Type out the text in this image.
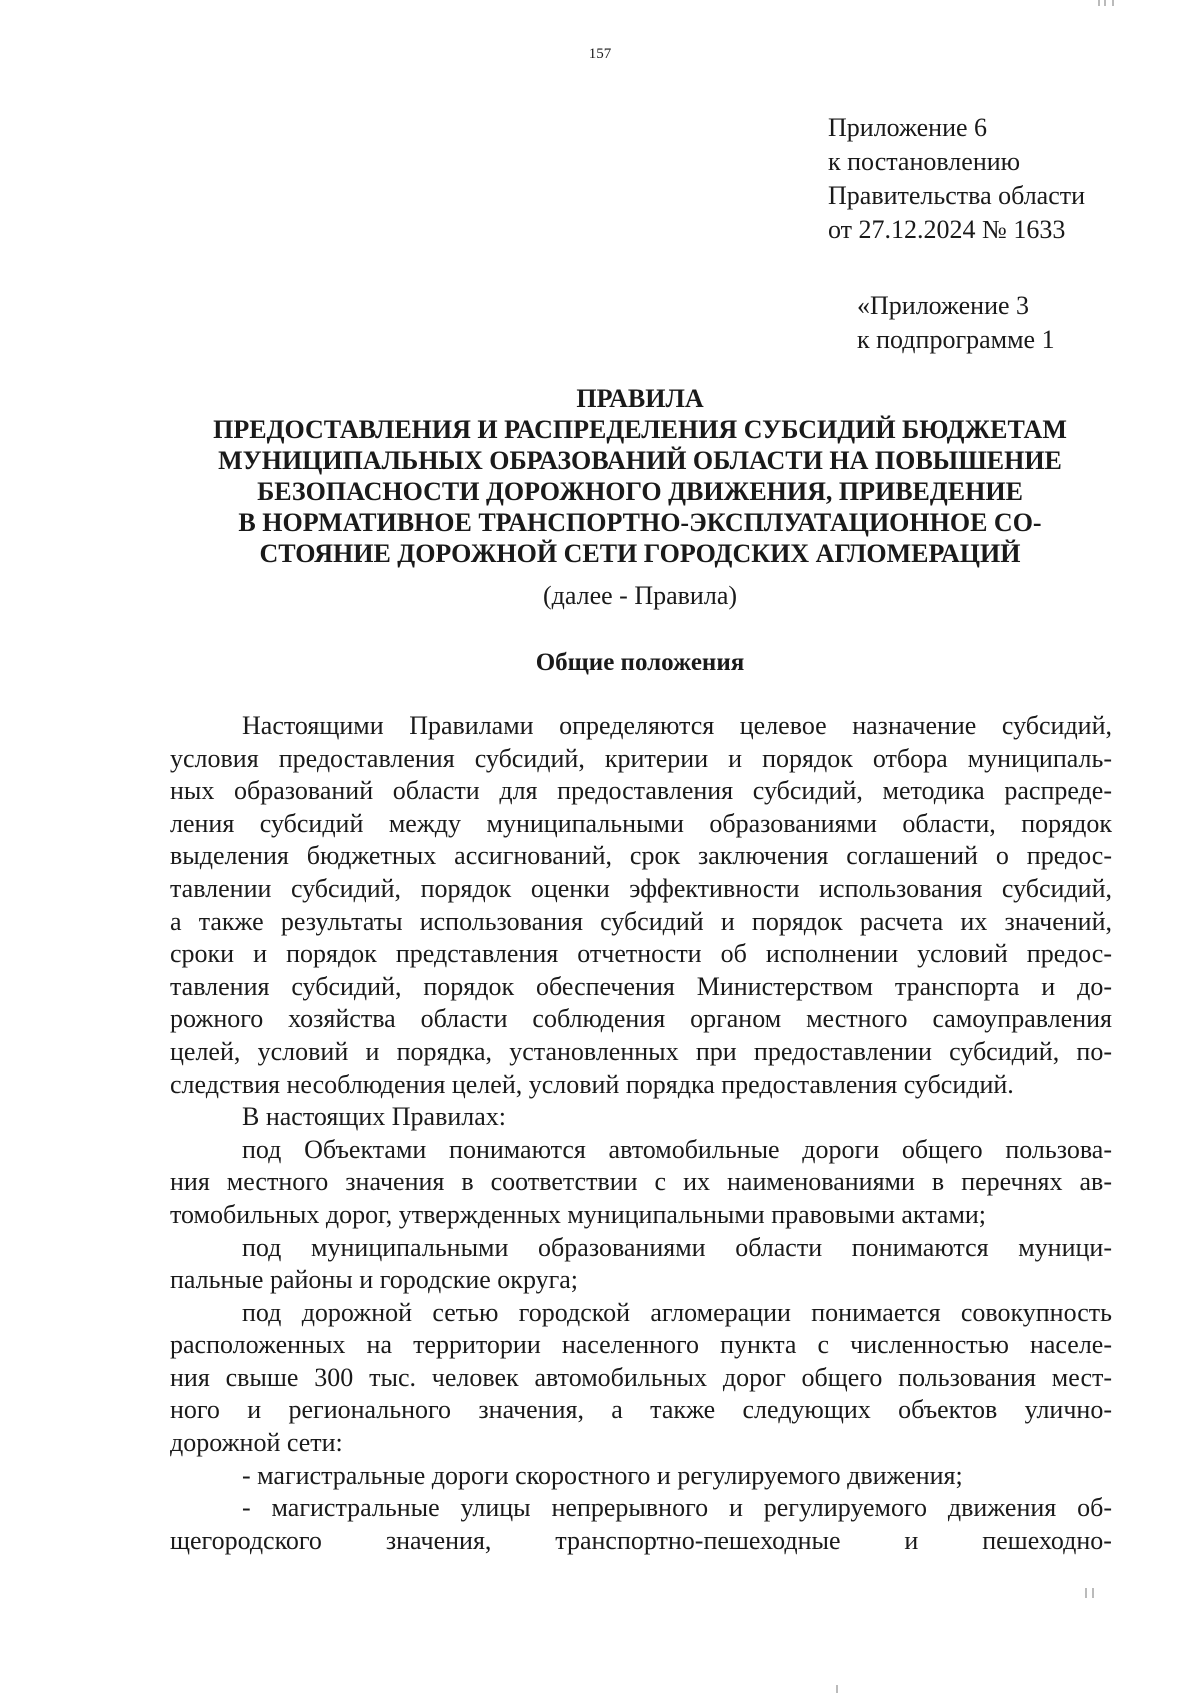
157
Приложение 6
к постановлению
Правительства области
от 27.12.2024 № 1633
«Приложение 3
к подпрограмме 1
ПРАВИЛА
ПРЕДОСТАВЛЕНИЯ И РАСПРЕДЕЛЕНИЯ СУБСИДИЙ БЮДЖЕТАМ
МУНИЦИПАЛЬНЫХ ОБРАЗОВАНИЙ ОБЛАСТИ НА ПОВЫШЕНИЕ
БЕЗОПАСНОСТИ ДОРОЖНОГО ДВИЖЕНИЯ, ПРИВЕДЕНИЕ
В НОРМАТИВНОЕ ТРАНСПОРТНО-ЭКСПЛУАТАЦИОННОЕ СО-
СТОЯНИЕ ДОРОЖНОЙ СЕТИ ГОРОДСКИХ АГЛОМЕРАЦИЙ
(далее - Правила)
Общие положения

Настоящими Правилами определяются целевое назначение субсидий,
условия предоставления субсидий, критерии и порядок отбора муниципаль-
ных образований области для предоставления субсидий, методика распреде-
ления субсидий между муниципальными образованиями области, порядок
выделения бюджетных ассигнований, срок заключения соглашений о предос-
тавлении субсидий, порядок оценки эффективности использования субсидий,
а также результаты использования субсидий и порядок расчета их значений,
сроки и порядок представления отчетности об исполнении условий предос-
тавления субсидий, порядок обеспечения Министерством транспорта и до-
рожного хозяйства области соблюдения органом местного самоуправления
целей, условий и порядка, установленных при предоставлении субсидий, по-
следствия несоблюдения целей, условий порядка предоставления субсидий.

В настоящих Правилах:

под Объектами понимаются автомобильные дороги общего пользова-
ния местного значения в соответствии с их наименованиями в перечнях ав-
томобильных дорог, утвержденных муниципальными правовыми актами;

под муниципальными образованиями области понимаются муници-
пальные районы и городские округа;

под дорожной сетью городской агломерации понимается совокупность
расположенных на территории населенного пункта с численностью населе-
ния свыше 300 тыс. человек автомобильных дорог общего пользования мест-
ного и регионального значения, а также следующих объектов улично-
дорожной сети:

- магистральные дороги скоростного и регулируемого движения;

- магистральные улицы непрерывного и регулируемого движения об-
щегородского значения, транспортно-пешеходные и пешеходно-
